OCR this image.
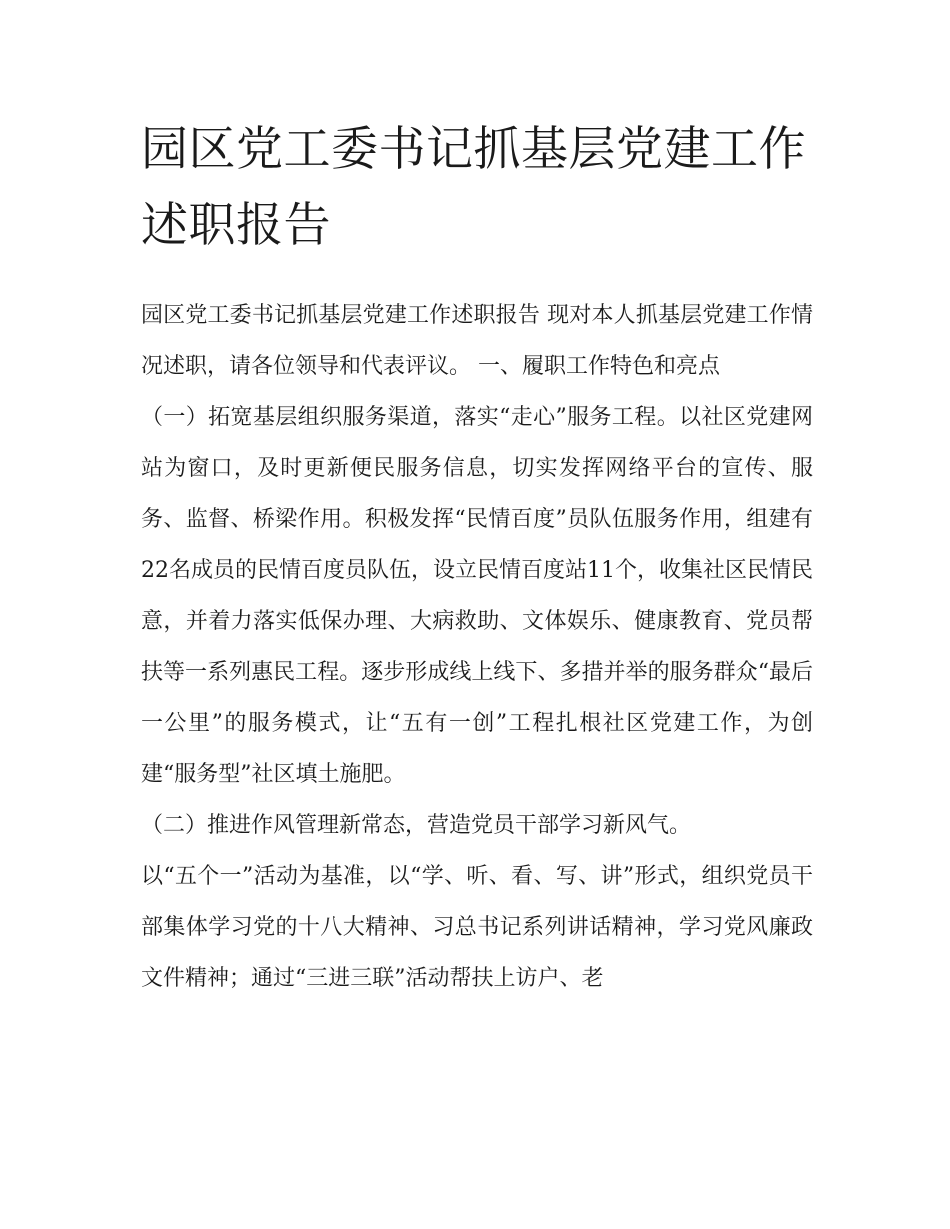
园区党工委书记抓基层党建工作述职报告

园区党工委书记抓基层党建工作述职报告 现对本人抓基层党建工作情况述职，请各位领导和代表评议。 一、履职工作特色和亮点

（一）拓宽基层组织服务渠道，落实“走心”服务工程。以社区党建网站为窗口，及时更新便民服务信息，切实发挥网络平台的宣传、服务、监督、桥梁作用。积极发挥“民情百度”员队伍服务作用，组建有22名成员的民情百度员队伍，设立民情百度站11个，收集社区民情民意，并着力落实低保办理、大病救助、文体娱乐、健康教育、党员帮扶等一系列惠民工程。逐步形成线上线下、多措并举的服务群众“最后一公里”的服务模式，让“五有一创”工程扎根社区党建工作，为创建“服务型”社区填土施肥。

（二）推进作风管理新常态，营造党员干部学习新风气。

以“五个一”活动为基准，以“学、听、看、写、讲”形式，组织党员干部集体学习党的十八大精神、习总书记系列讲话精神，学习党风廉政文件精神；通过“三进三联”活动帮扶上访户、老
